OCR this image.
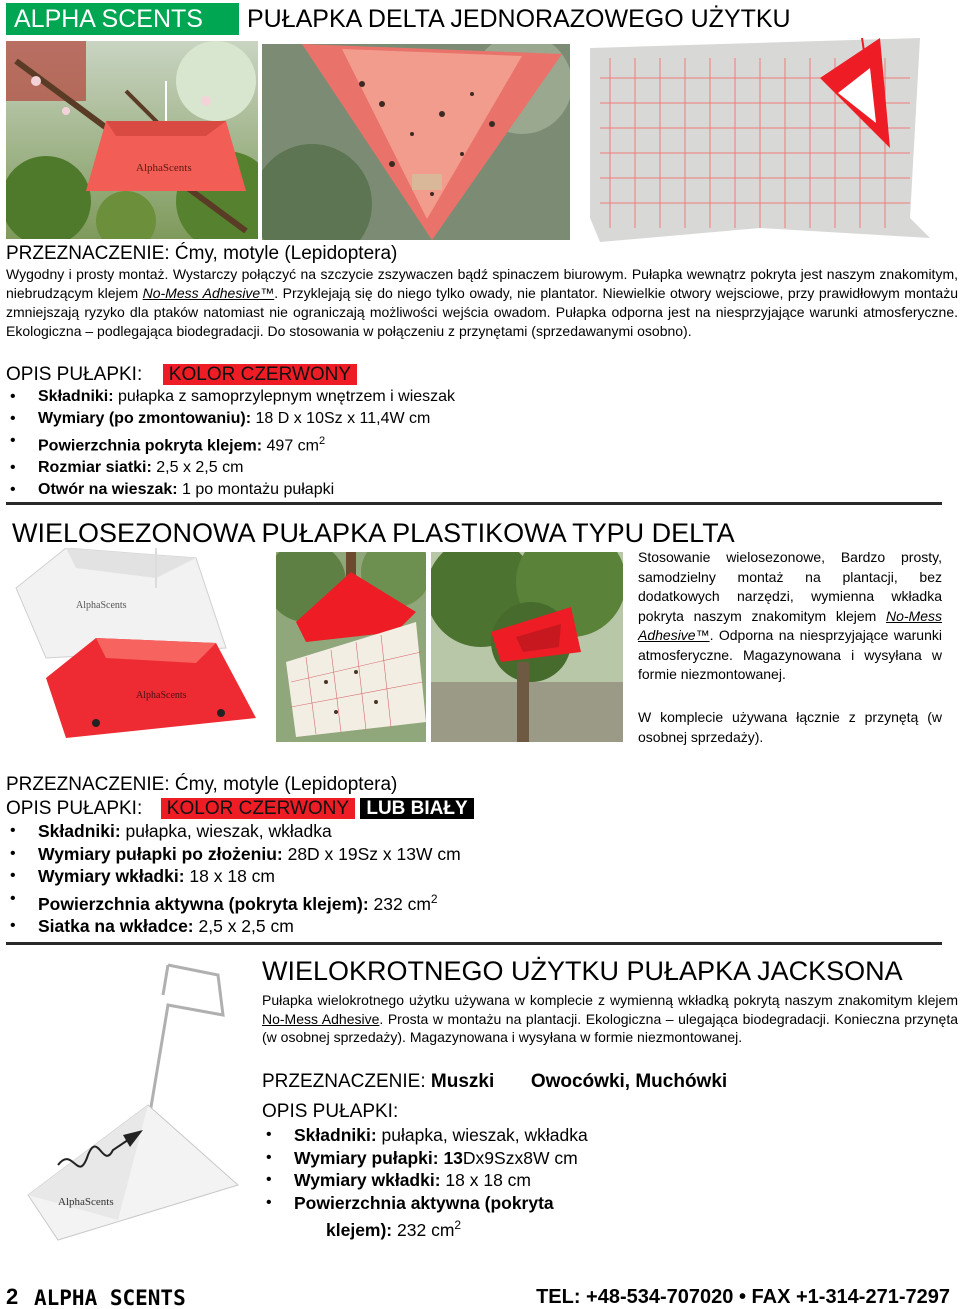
ALPHA SCENTS	PUŁAPKA DELTA JEDNORAZOWEGO UŻYTKU
AlphaScents
PRZEZNACZENIE: Ćmy, motyle (Lepidoptera)
Wygodny i prosty montaż. Wystarczy połączyć na szczycie zszywaczen bądź spinaczem biurowym. Pułapka wewnątrz pokryta jest naszym znakomitym, niebrudzącym klejem No-Mess Adhesive™. Przyklejają się do niego tylko owady, nie plantator. Niewielkie otwory wejsciowe, przy prawidłowym montażu zmniejszają ryzyko dla ptaków natomiast nie ograniczają możliwości wejścia owadom. Pułapka odporna jest na niesprzyjające warunki atmosferyczne. Ekologiczna – podlegająca biodegradacji. Do stosowania w połączeniu z przynętami (sprzedawanymi osobno).
OPIS PUŁAPKI: KOLOR CZERWONY
• Składniki: pułapka z samoprzylepnym wnętrzem i wieszak
• Wymiary (po zmontowaniu): 18 D x 10Sz x 11,4W cm
• Powierzchnia pokryta klejem: 497 $cm^2$
• Rozmiar siatki: 2,5 x 2,5 cm
• Otwór na wieszak: 1 po montażu pułapki
WIELOSEZONOWA PUŁAPKA PLASTIKOWA TYPU DELTA
AlphaScents
AlphaScents
Stosowanie wielosezonowe, Bardzo prosty, samodzielny montaż na plantacji, bez dodatkowych narzędzi, wymienna wkładka pokryta naszym znakomitym klejem No-Mess Adhesive™. Odporna na niesprzyjające warunki atmosferyczne. Magazynowana i wysyłana w formie niezmontowanej.
W komplecie używana łącznie z przynętą (w osobnej sprzedaży).
PRZEZNACZENIE: Ćmy, motyle (Lepidoptera)
OPIS PUŁAPKI: KOLOR CZERWONY LUB BIAŁY
• Składniki: pułapka, wieszak, wkładka
• Wymiary pułapki po złożeniu: 28D x 19Sz x 13W cm
• Wymiary wkładki: 18 x 18 cm
• Powierzchnia aktywna (pokryta klejem): 232 $cm^2$
• Siatka na wkładce: 2,5 x 2,5 cm
AlphaScents
WIELOKROTNEGO UŻYTKU PUŁAPKA JACKSONA
Pułapka wielokrotnego użytku używana w komplecie z wymienną wkładką pokrytą naszym znakomitym klejem No-Mess Adhesive. Prosta w montażu na plantacji. Ekologiczna – ulegająca biodegradacji. Konieczna przynęta (w osobnej sprzedaży). Magazynowana i wysyłana w formie niezmontowanej.
PRZEZNACZENIE: Muszki Owocówki, Muchówki
OPIS PUŁAPKI:
• Składniki: pułapka, wieszak, wkładka
• Wymiary pułapki: 13Dx9Szx8W cm
• Wymiary wkładki: 18 x 18 cm
• Powierzchnia aktywna (pokryta
klejem): 232 $cm^2$
2 ALPHA SCENTS	TEL: +48-534-707020 • FAX +1-314-271-7297
